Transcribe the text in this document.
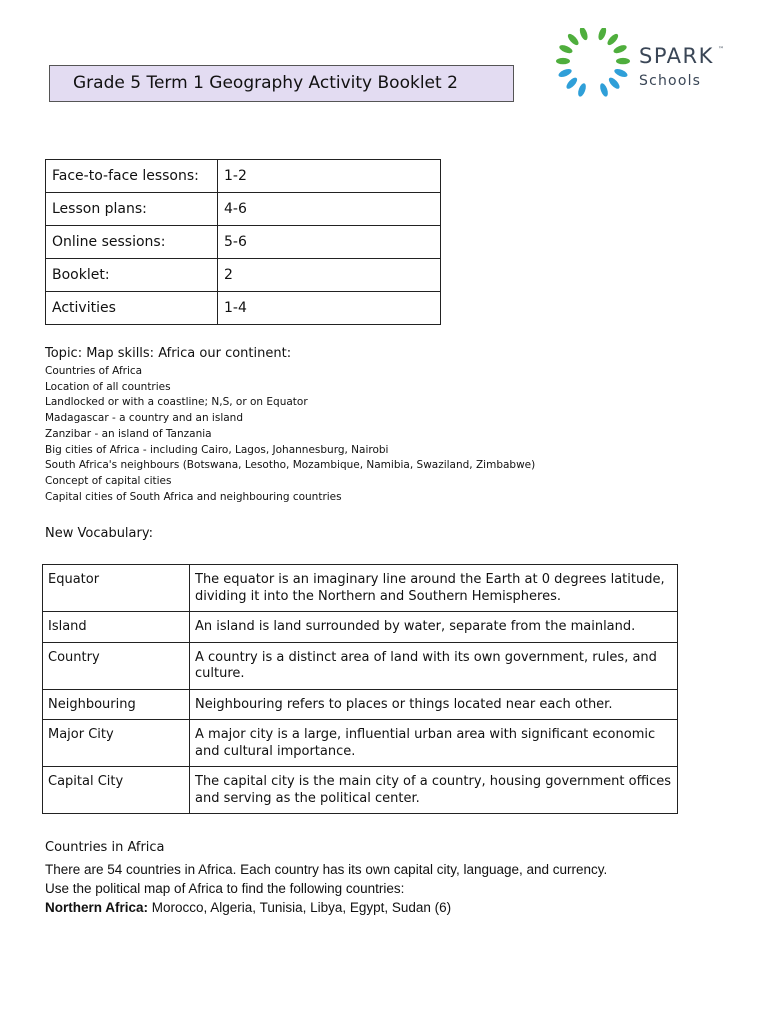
Grade 5 Term 1 Geography Activity Booklet 2
SPARK ™
Schools
Face-to-face lessons:	1-2
Lesson plans:	4-6
Online sessions:	5-6
Booklet:	2
Activities	1-4
Topic: Map skills: Africa our continent:
Countries of Africa
Location of all countries
Landlocked or with a coastline; N,S, or on Equator
Madagascar - a country and an island
Zanzibar - an island of Tanzania
Big cities of Africa - including Cairo, Lagos, Johannesburg, Nairobi
South Africa's neighbours (Botswana, Lesotho, Mozambique, Namibia, Swaziland, Zimbabwe)
Concept of capital cities
Capital cities of South Africa and neighbouring countries
New Vocabulary:
Equator	The equator is an imaginary line around the Earth at 0 degrees latitude, dividing it into the Northern and Southern Hemispheres.
Island	An island is land surrounded by water, separate from the mainland.
Country	A country is a distinct area of land with its own government, rules, and culture.
Neighbouring	Neighbouring refers to places or things located near each other.
Major City	A major city is a large, influential urban area with significant economic and cultural importance.
Capital City	The capital city is the main city of a country, housing government offices and serving as the political center.
Countries in Africa
There are 54 countries in Africa. Each country has its own capital city, language, and currency.
Use the political map of Africa to find the following countries:
Northern Africa: Morocco, Algeria, Tunisia, Libya, Egypt, Sudan (6)
